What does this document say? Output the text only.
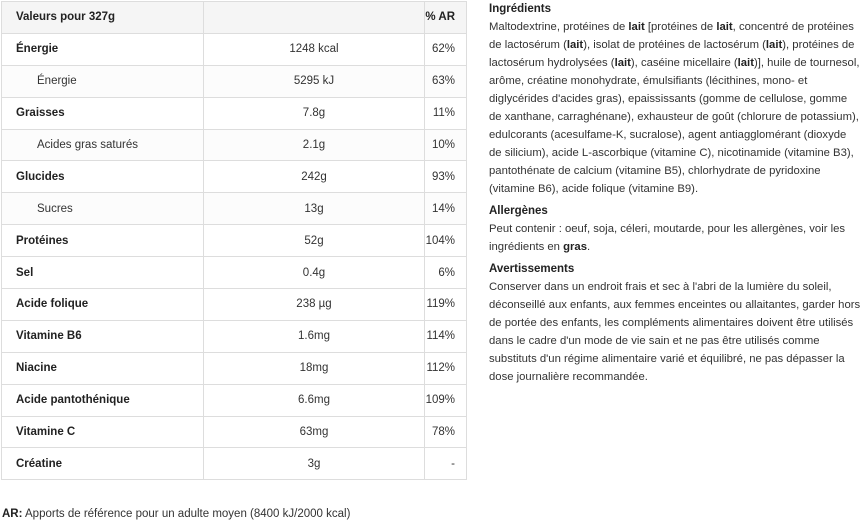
Valeurs pour 327g		% AR
Énergie	1248 kcal	62%
Énergie	5295 kJ	63%
Graisses	7.8g	11%
Acides gras saturés	2.1g	10%
Glucides	242g	93%
Sucres	13g	14%
Protéines	52g	104%
Sel	0.4g	6%
Acide folique	238 µg	119%
Vitamine B6	1.6mg	114%
Niacine	18mg	112%
Acide pantothénique	6.6mg	109%
Vitamine C	63mg	78%
Créatine	3g	-
AR: Apports de référence pour un adulte moyen (8400 kJ/2000 kcal)
Ingrédients

Maltodextrine, protéines de lait [protéines de lait, concentré de protéines de lactosérum (lait), isolat de protéines de lactosérum (lait), protéines de lactosérum hydrolysées (lait), caséine micellaire (lait)], huile de tournesol, arôme, créatine monohydrate, émulsifiants (lécithines, mono- et diglycérides d'acides gras), epaississants (gomme de cellulose, gomme de xanthane, carraghénane), exhausteur de goût (chlorure de potassium), edulcorants (acesulfame-K, sucralose), agent antiagglomérant (dioxyde de silicium), acide L-ascorbique (vitamine C), nicotinamide (vitamine B3), pantothénate de calcium (vitamine B5), chlorhydrate de pyridoxine (vitamine B6), acide folique (vitamine B9).

Allergènes

Peut contenir : oeuf, soja, céleri, moutarde, pour les allergènes, voir les ingrédients en gras.

Avertissements

Conserver dans un endroit frais et sec à l'abri de la lumière du soleil, déconseillé aux enfants, aux femmes enceintes ou allaitantes, garder hors de portée des enfants, les compléments alimentaires doivent être utilisés dans le cadre d'un mode de vie sain et ne pas être utilisés comme substituts d'un régime alimentaire varié et équilibré, ne pas dépasser la dose journalière recommandée.
